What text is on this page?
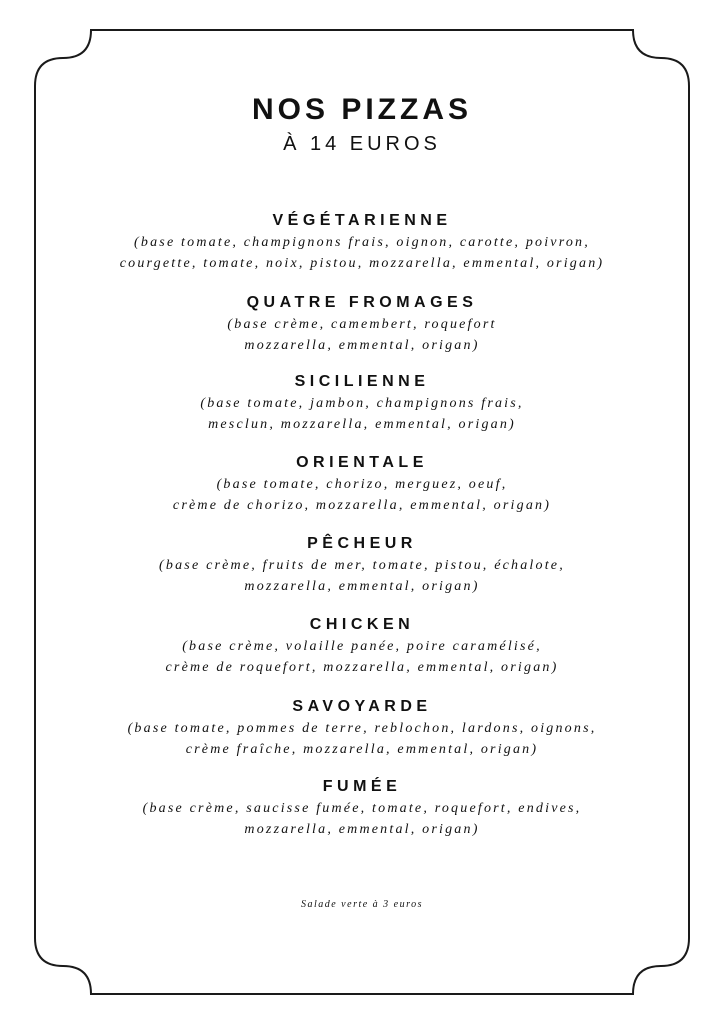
NOS PIZZAS
À 14 EUROS
VÉGÉTARIENNE
(base tomate, champignons frais, oignon, carotte, poivron,
courgette, tomate, noix, pistou, mozzarella, emmental, origan)
QUATRE FROMAGES
(base crème, camembert, roquefort
mozzarella, emmental, origan)
SICILIENNE
(base tomate, jambon, champignons frais,
mesclun, mozzarella, emmental, origan)
ORIENTALE
(base tomate, chorizo, merguez, oeuf,
crème de chorizo, mozzarella, emmental, origan)
PÊCHEUR
(base crème, fruits de mer, tomate, pistou, échalote,
mozzarella, emmental, origan)
CHICKEN
(base crème, volaille panée, poire caramélisé,
crème de roquefort, mozzarella, emmental, origan)
SAVOYARDE
(base tomate, pommes de terre, reblochon, lardons, oignons,
crème fraîche, mozzarella, emmental, origan)
FUMÉE
(base crème, saucisse fumée, tomate, roquefort, endives,
mozzarella, emmental, origan)
Salade verte à 3 euros
